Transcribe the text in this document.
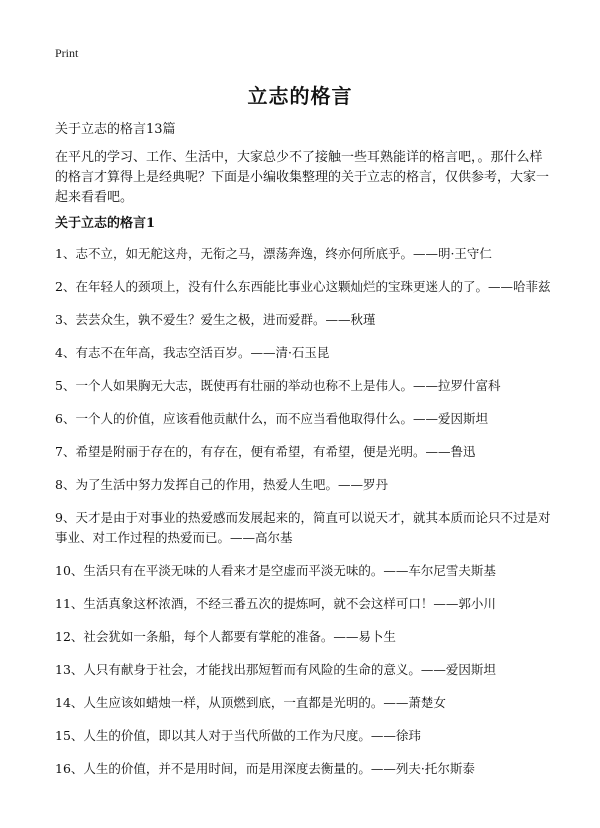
Print
立志的格言
关于立志的格言13篇
在平凡的学习、工作、生活中，大家总少不了接触一些耳熟能详的格言吧，。那什么样的格言才算得上是经典呢？下面是小编收集整理的关于立志的格言，仅供参考，大家一起来看看吧。
关于立志的格言1
1、志不立，如无舵这舟，无衔之马，漂荡奔逸，终亦何所底乎。——明·王守仁
2、在年轻人的颈项上，没有什么东西能比事业心这颗灿烂的宝珠更迷人的了。——哈菲兹
3、芸芸众生，孰不爱生？爱生之极，进而爱群。——秋瑾
4、有志不在年高，我志空活百岁。——清·石玉昆
5、一个人如果胸无大志，既使再有壮丽的举动也称不上是伟人。——拉罗什富科
6、一个人的价值，应该看他贡献什么，而不应当看他取得什么。——爱因斯坦
7、希望是附丽于存在的，有存在，便有希望，有希望，便是光明。——鲁迅
8、为了生活中努力发挥自己的作用，热爱人生吧。——罗丹
9、天才是由于对事业的热爱感而发展起来的，简直可以说天才，就其本质而论只不过是对事业、对工作过程的热爱而已。——高尔基
10、生活只有在平淡无味的人看来才是空虚而平淡无味的。——车尔尼雪夫斯基
11、生活真象这杯浓酒，不经三番五次的提炼呵，就不会这样可口！——郭小川
12、社会犹如一条船，每个人都要有掌舵的准备。——易卜生
13、人只有献身于社会，才能找出那短暂而有风险的生命的意义。——爱因斯坦
14、人生应该如蜡烛一样，从顶燃到底，一直都是光明的。——萧楚女
15、人生的价值，即以其人对于当代所做的工作为尺度。——徐玮
16、人生的价值，并不是用时间，而是用深度去衡量的。——列夫·托尔斯泰
